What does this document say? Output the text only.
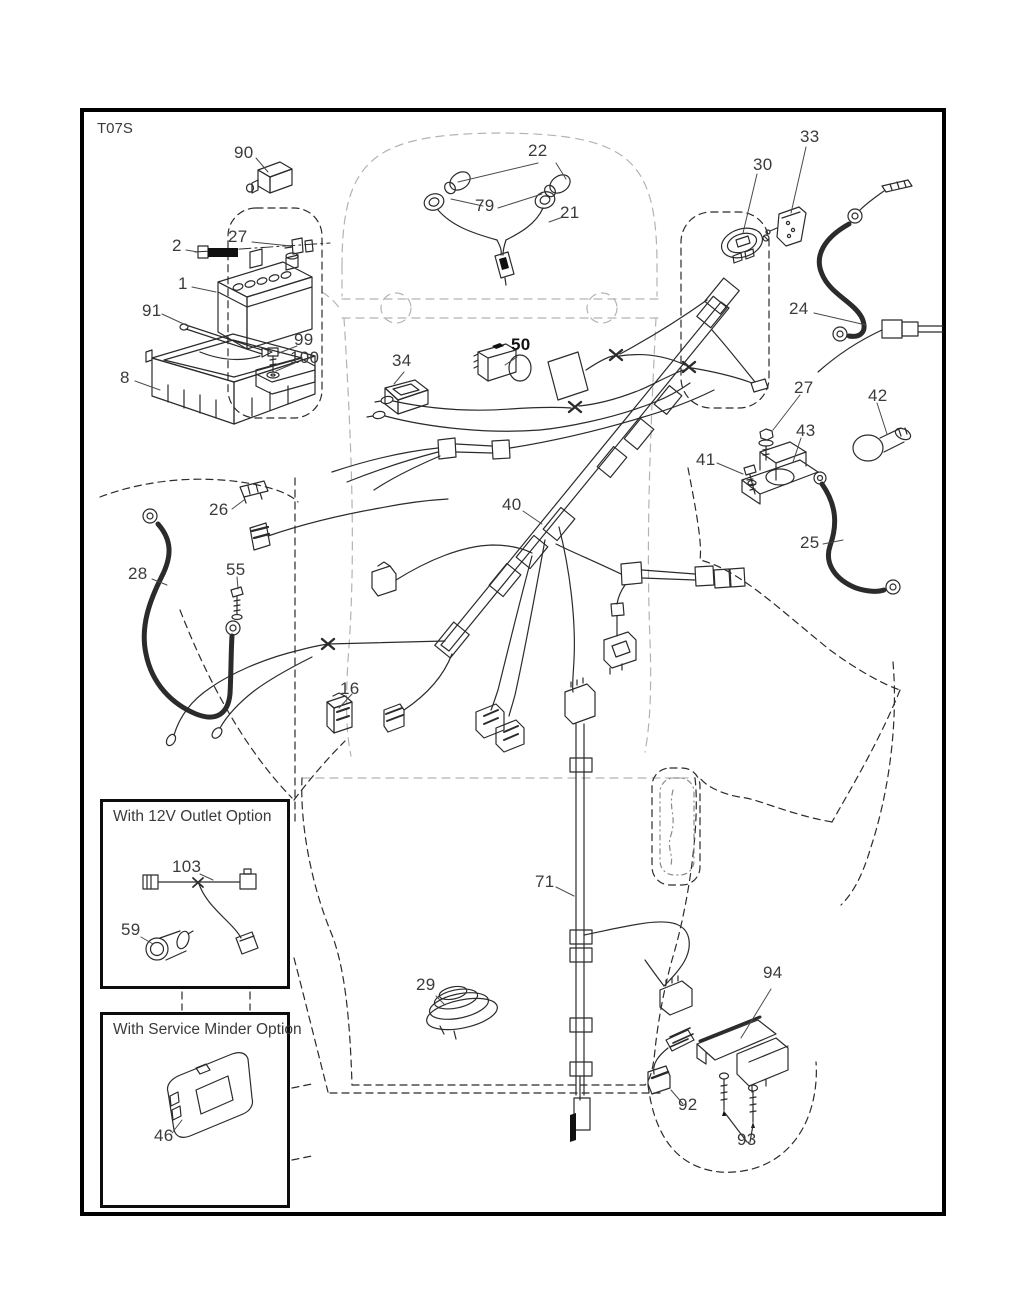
With 12V Outlet Option
With Service Minder Option
T07S
90	22
33
30
79	21
2	27
1
91
99
100
8
24
34
50
27	42
43
41
26	40
25
28	55
16
103
71
59
29
94
92
93
46
